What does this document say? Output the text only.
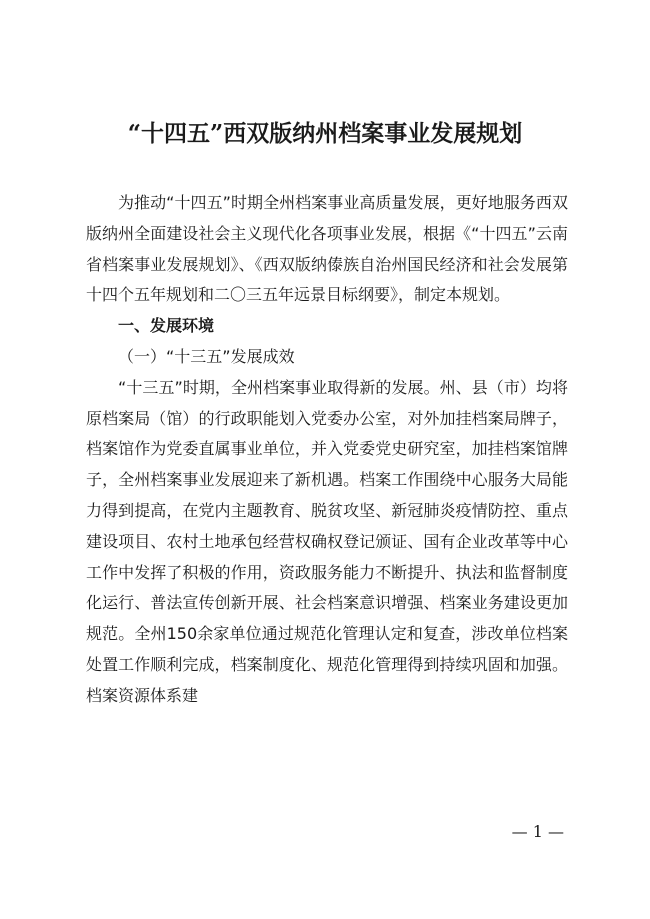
“十四五”西双版纳州档案事业发展规划

为推动“十四五”时期全州档案事业高质量发展，更好地服务西双版纳州全面建设社会主义现代化各项事业发展，根据《“十四五”云南省档案事业发展规划》、《西双版纳傣族自治州国民经济和社会发展第十四个五年规划和二〇三五年远景目标纲要》，制定本规划。

一、发展环境

（一）“十三五”发展成效

“十三五”时期，全州档案事业取得新的发展。州、县（市）均将原档案局（馆）的行政职能划入党委办公室，对外加挂档案局牌子，档案馆作为党委直属事业单位，并入党委党史研究室，加挂档案馆牌子，全州档案事业发展迎来了新机遇。档案工作围绕中心服务大局能力得到提高，在党内主题教育、脱贫攻坚、新冠肺炎疫情防控、重点建设项目、农村土地承包经营权确权登记颁证、国有企业改革等中心工作中发挥了积极的作用，资政服务能力不断提升、执法和监督制度化运行、普法宣传创新开展、社会档案意识增强、档案业务建设更加规范。全州150余家单位通过规范化管理认定和复查，涉改单位档案处置工作顺利完成，档案制度化、规范化管理得到持续巩固和加强。档案资源体系建

— 1 —
